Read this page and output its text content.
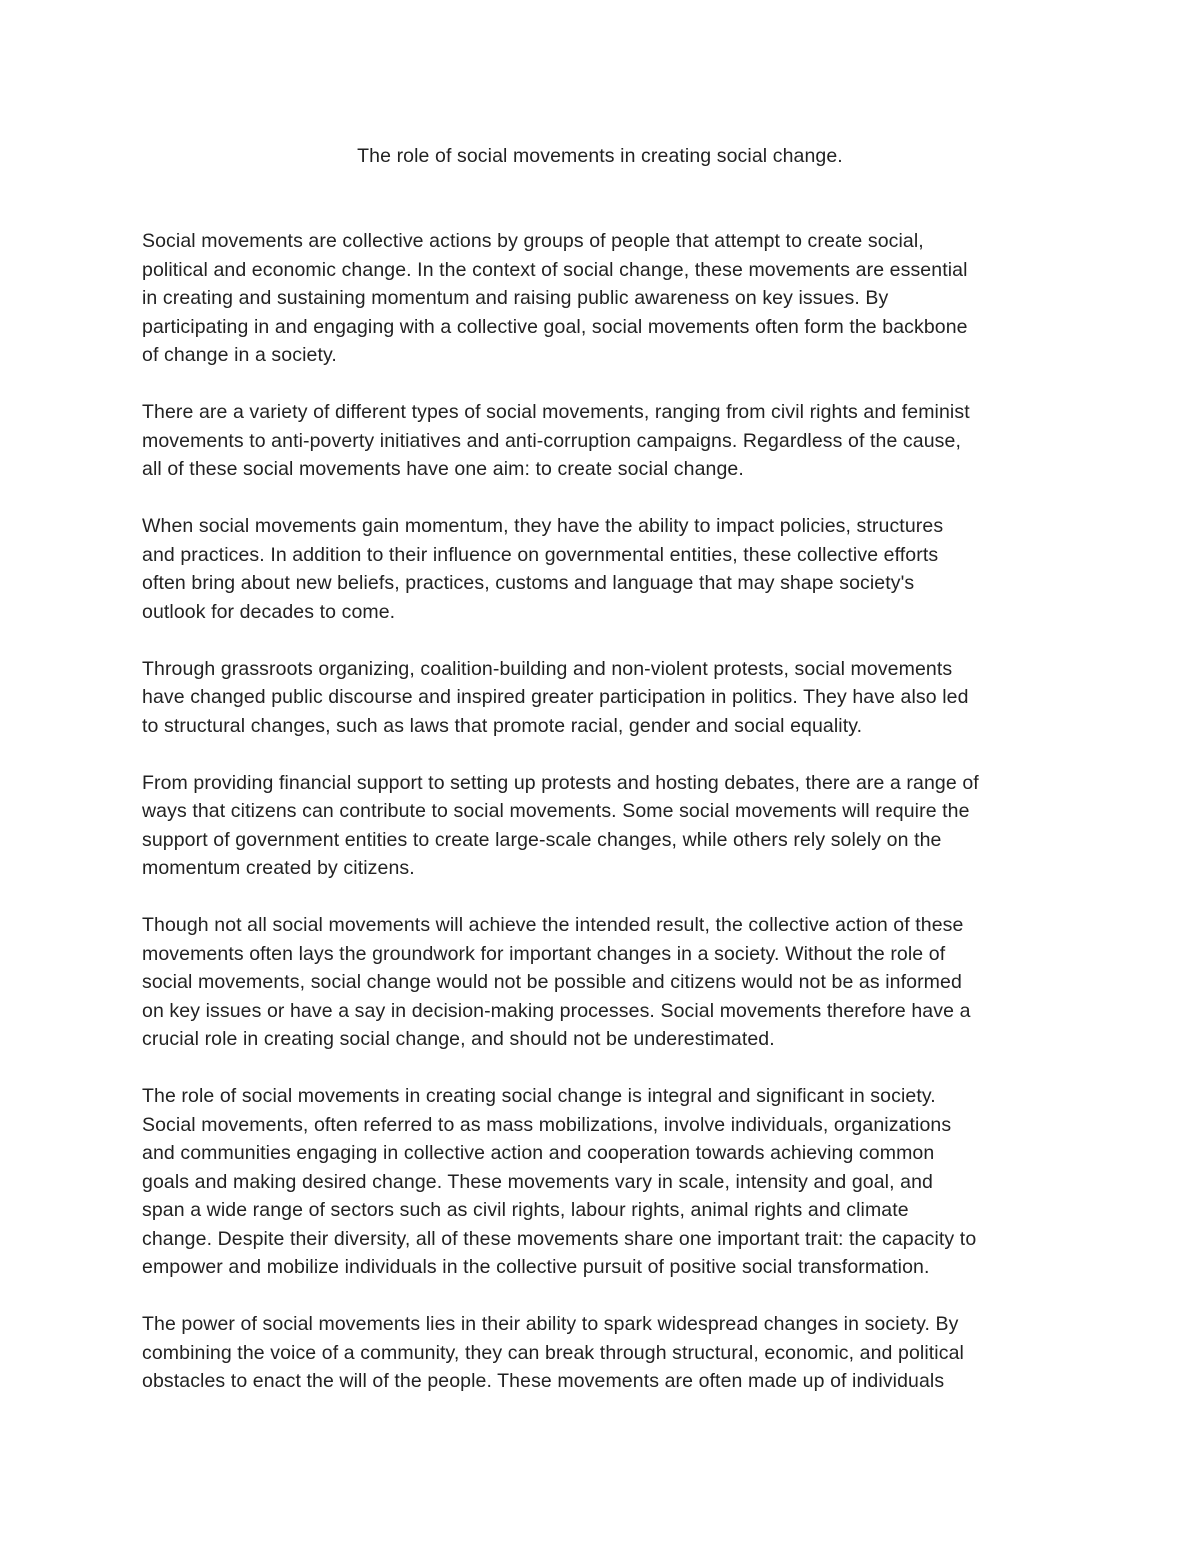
The role of social movements in creating social change.
Social movements are collective actions by groups of people that attempt to create social,
political and economic change. In the context of social change, these movements are essential
in creating and sustaining momentum and raising public awareness on key issues. By
participating in and engaging with a collective goal, social movements often form the backbone
of change in a society.
There are a variety of different types of social movements, ranging from civil rights and feminist
movements to anti-poverty initiatives and anti-corruption campaigns. Regardless of the cause,
all of these social movements have one aim: to create social change.
When social movements gain momentum, they have the ability to impact policies, structures
and practices. In addition to their influence on governmental entities, these collective efforts
often bring about new beliefs, practices, customs and language that may shape society's
outlook for decades to come.
Through grassroots organizing, coalition-building and non-violent protests, social movements
have changed public discourse and inspired greater participation in politics. They have also led
to structural changes, such as laws that promote racial, gender and social equality.
From providing financial support to setting up protests and hosting debates, there are a range of
ways that citizens can contribute to social movements. Some social movements will require the
support of government entities to create large-scale changes, while others rely solely on the
momentum created by citizens.
Though not all social movements will achieve the intended result, the collective action of these
movements often lays the groundwork for important changes in a society. Without the role of
social movements, social change would not be possible and citizens would not be as informed
on key issues or have a say in decision-making processes. Social movements therefore have a
crucial role in creating social change, and should not be underestimated.
The role of social movements in creating social change is integral and significant in society.
Social movements, often referred to as mass mobilizations, involve individuals, organizations
and communities engaging in collective action and cooperation towards achieving common
goals and making desired change. These movements vary in scale, intensity and goal, and
span a wide range of sectors such as civil rights, labour rights, animal rights and climate
change. Despite their diversity, all of these movements share one important trait: the capacity to
empower and mobilize individuals in the collective pursuit of positive social transformation.
The power of social movements lies in their ability to spark widespread changes in society. By
combining the voice of a community, they can break through structural, economic, and political
obstacles to enact the will of the people. These movements are often made up of individuals
